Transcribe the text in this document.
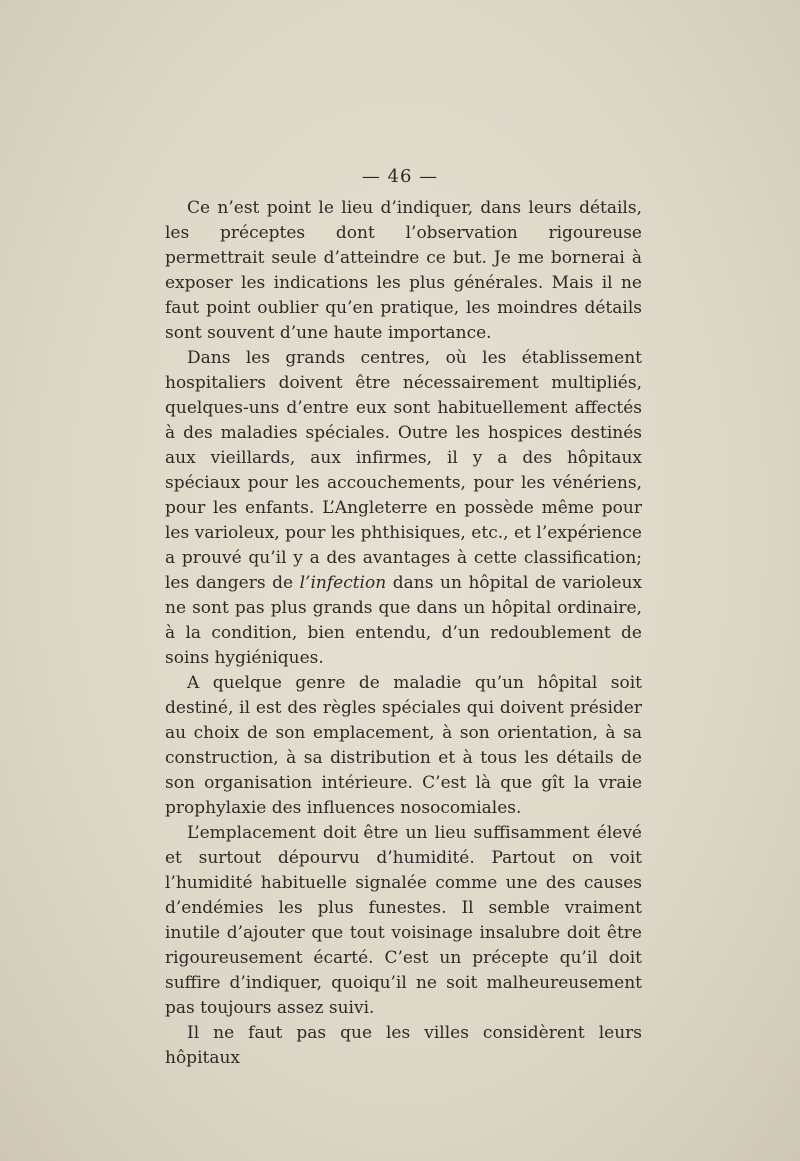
— 46 —

Ce n’est point le lieu d’indiquer, dans leurs détails, les préceptes dont l’observation rigoureuse permettrait seule d’atteindre ce but. Je me bornerai à exposer les indications les plus générales. Mais il ne faut point oublier qu’en pratique, les moindres détails sont souvent d’une haute importance.

Dans les grands centres, où les établissement hospitaliers doivent être nécessairement multipliés, quelques-uns d’entre eux sont habituellement affectés à des maladies spéciales. Outre les hospices destinés aux vieillards, aux infirmes, il y a des hôpitaux spéciaux pour les accouchements, pour les vénériens, pour les enfants. L’Angleterre en possède même pour les varioleux, pour les phthisiques, etc., et l’expérience a prouvé qu’il y a des avantages à cette classification; les dangers de l’infection dans un hôpital de varioleux ne sont pas plus grands que dans un hôpital ordinaire, à la condition, bien entendu, d’un redoublement de soins hygiéniques.

A quelque genre de maladie qu’un hôpital soit destiné, il est des règles spéciales qui doivent présider au choix de son emplacement, à son orientation, à sa construction, à sa distribution et à tous les détails de son organisation intérieure. C’est là que gît la vraie prophylaxie des influences nosocomiales.

L’emplacement doit être un lieu suffisamment élevé et surtout dépourvu d’humidité. Partout on voit l’humidité habituelle signalée comme une des causes d’endémies les plus funestes. Il semble vraiment inutile d’ajouter que tout voisinage insalubre doit être rigoureusement écarté. C’est un précepte qu’il doit suffire d’indiquer, quoiqu’il ne soit malheureusement pas toujours assez suivi.

Il ne faut pas que les villes considèrent leurs hôpitaux
